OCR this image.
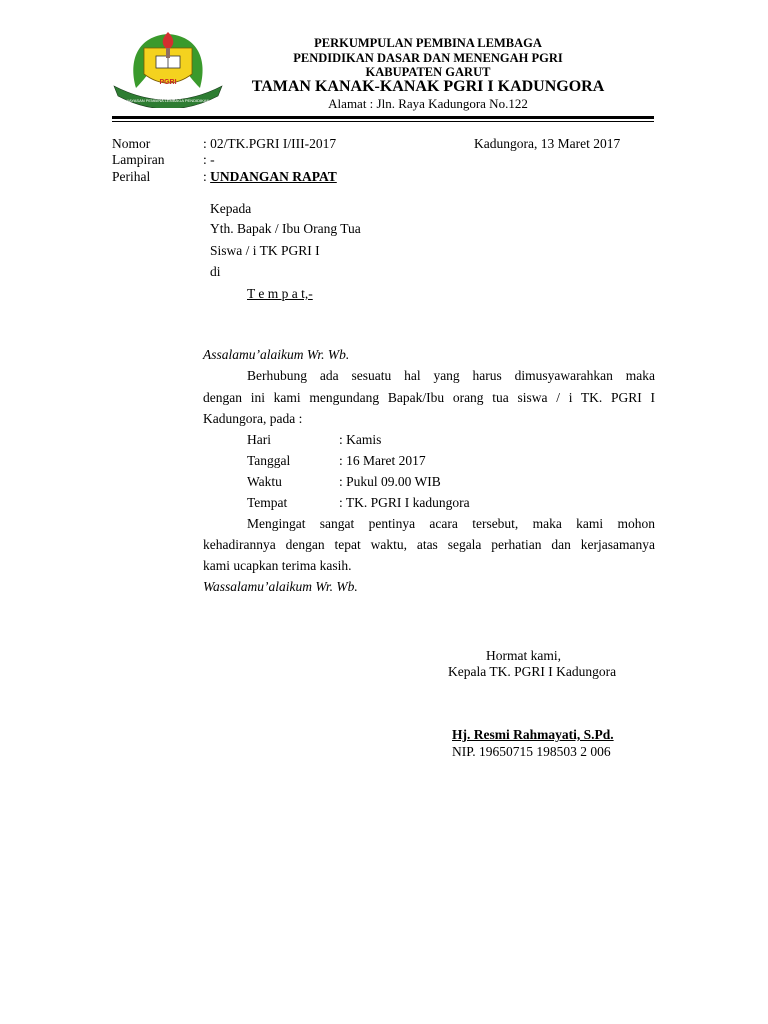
PGRI
YAYASAN PEMBINA LEMBAGA PENDIDIKAN
PERKUMPULAN PEMBINA LEMBAGA
PENDIDIKAN DASAR DAN MENENGAH PGRI
KABUPATEN GARUT
TAMAN KANAK-KANAK PGRI I KADUNGORA
Alamat : Jln. Raya Kadungora No.122
Nomor	: 02/TK.PGRI I/III-2017	Kadungora, 13 Maret 2017
Lampiran	: -
Perihal	: UNDANGAN RAPAT
Kepada
Yth. Bapak / Ibu Orang Tua
Siswa / i TK PGRI I
di
T e m p a t,-
Assalamu’alaikum Wr. Wb.
Berhubung ada sesuatu hal yang harus dimusyawarahkan maka
dengan ini kami mengundang Bapak/Ibu orang tua siswa / i TK. PGRI I
Kadungora, pada :
Hari	: Kamis
Tanggal	: 16 Maret 2017
Waktu	: Pukul 09.00 WIB
Tempat	: TK. PGRI I kadungora
Mengingat sangat pentinya acara tersebut, maka kami mohon
kehadirannya dengan tepat waktu, atas segala perhatian dan kerjasamanya
kami ucapkan terima kasih.
Wassalamu’alaikum Wr. Wb.
Hormat kami,
Kepala TK. PGRI I Kadungora
Hj. Resmi Rahmayati, S.Pd.
NIP. 19650715 198503 2 006
